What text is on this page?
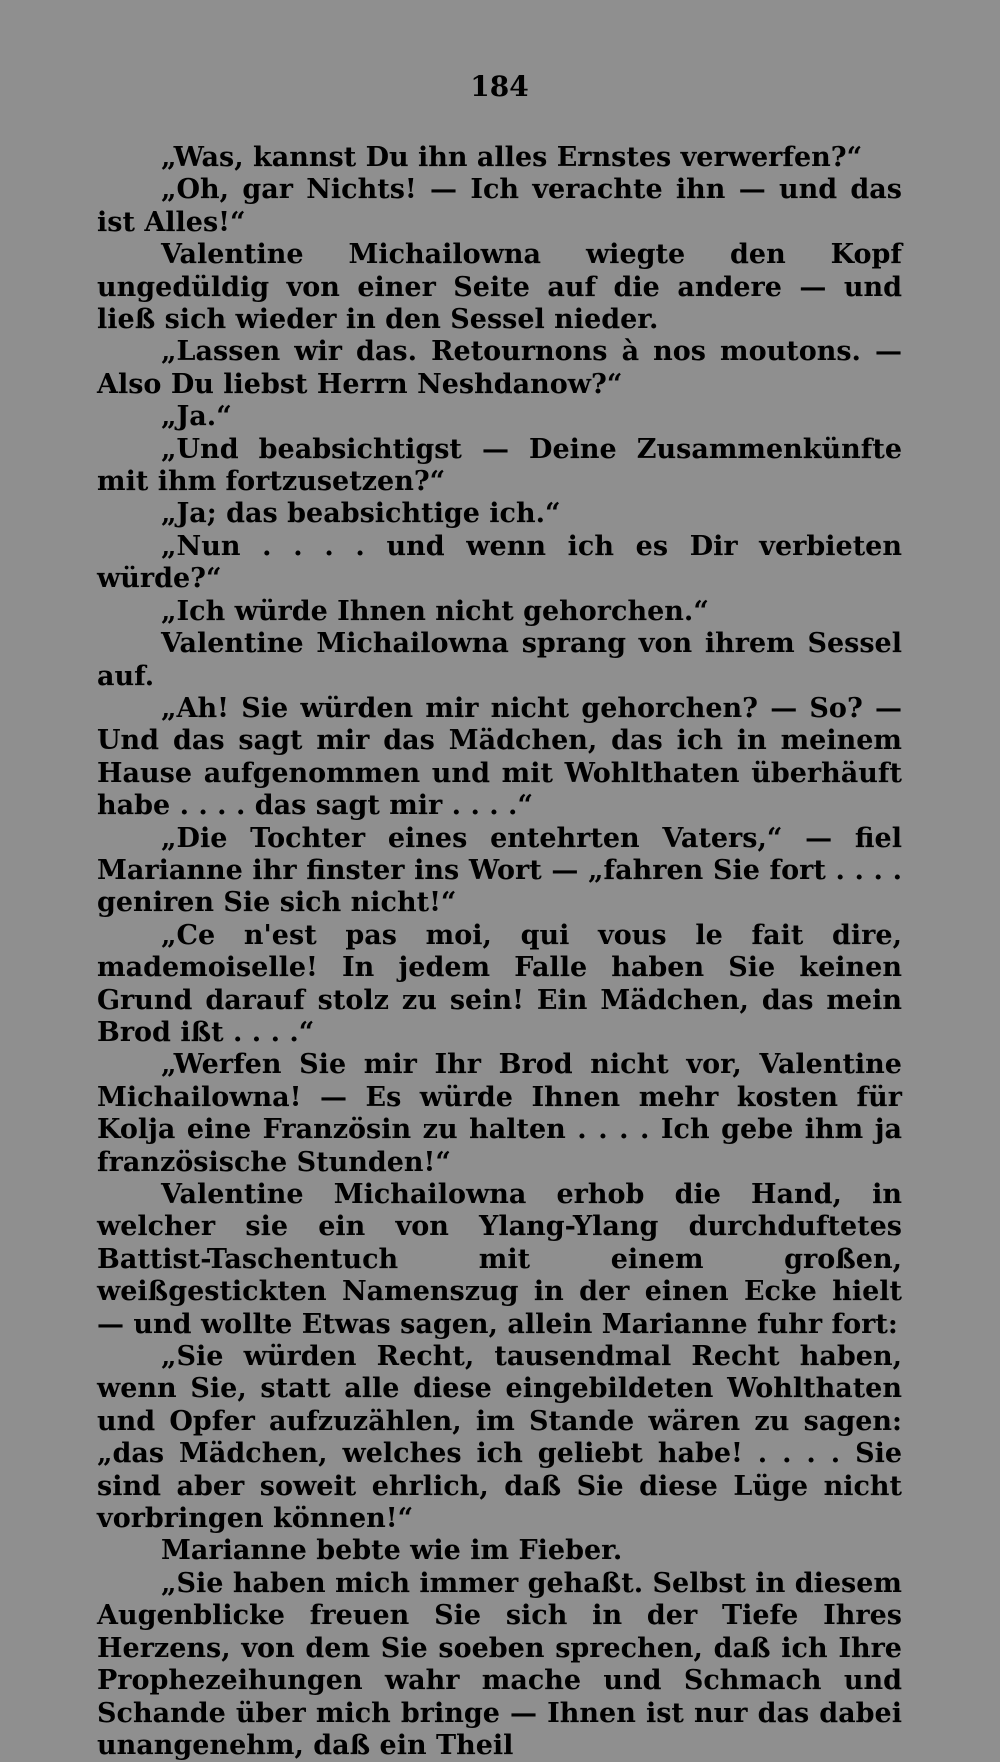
184

„Was, kannst Du ihn alles Ernstes verwerfen?“

„Oh, gar Nichts! — Ich verachte ihn — und das ist Alles!“

Valentine Michailowna wiegte den Kopf ungedüldig von einer Seite auf die andere — und ließ sich wieder in den Sessel nieder.

„Lassen wir das. Retournons à nos moutons. — Also Du liebst Herrn Neshdanow?“

„Ja.“

„Und beabsichtigst — Deine Zusammenkünfte mit ihm fortzusetzen?“

„Ja; das beabsichtige ich.“

„Nun . . . . und wenn ich es Dir verbieten würde?“

„Ich würde Ihnen nicht gehorchen.“

Valentine Michailowna sprang von ihrem Sessel auf.

„Ah! Sie würden mir nicht gehorchen? — So? — Und das sagt mir das Mädchen, das ich in meinem Hause aufgenommen und mit Wohlthaten überhäuft habe . . . . das sagt mir . . . .“

„Die Tochter eines entehrten Vaters,“ — fiel Marianne ihr finster ins Wort — „fahren Sie fort . . . . geniren Sie sich nicht!“

„Ce n'est pas moi, qui vous le fait dire, mademoiselle! In jedem Falle haben Sie keinen Grund darauf stolz zu sein! Ein Mädchen, das mein Brod ißt . . . .“

„Werfen Sie mir Ihr Brod nicht vor, Valentine Michailowna! — Es würde Ihnen mehr kosten für Kolja eine Französin zu halten . . . . Ich gebe ihm ja französische Stunden!“

Valentine Michailowna erhob die Hand, in welcher sie ein von Ylang-Ylang durchduftetes Battist-Taschentuch mit einem großen, weißgestickten Namenszug in der einen Ecke hielt — und wollte Etwas sagen, allein Marianne fuhr fort:

„Sie würden Recht, tausendmal Recht haben, wenn Sie, statt alle diese eingebildeten Wohlthaten und Opfer aufzuzählen, im Stande wären zu sagen: „das Mädchen, welches ich geliebt habe! . . . . Sie sind aber soweit ehrlich, daß Sie diese Lüge nicht vorbringen können!“

Marianne bebte wie im Fieber.

„Sie haben mich immer gehaßt. Selbst in diesem Augenblicke freuen Sie sich in der Tiefe Ihres Herzens, von dem Sie soeben sprechen, daß ich Ihre Prophezeihungen wahr mache und Schmach und Schande über mich bringe — Ihnen ist nur das dabei unangenehm, daß ein Theil
